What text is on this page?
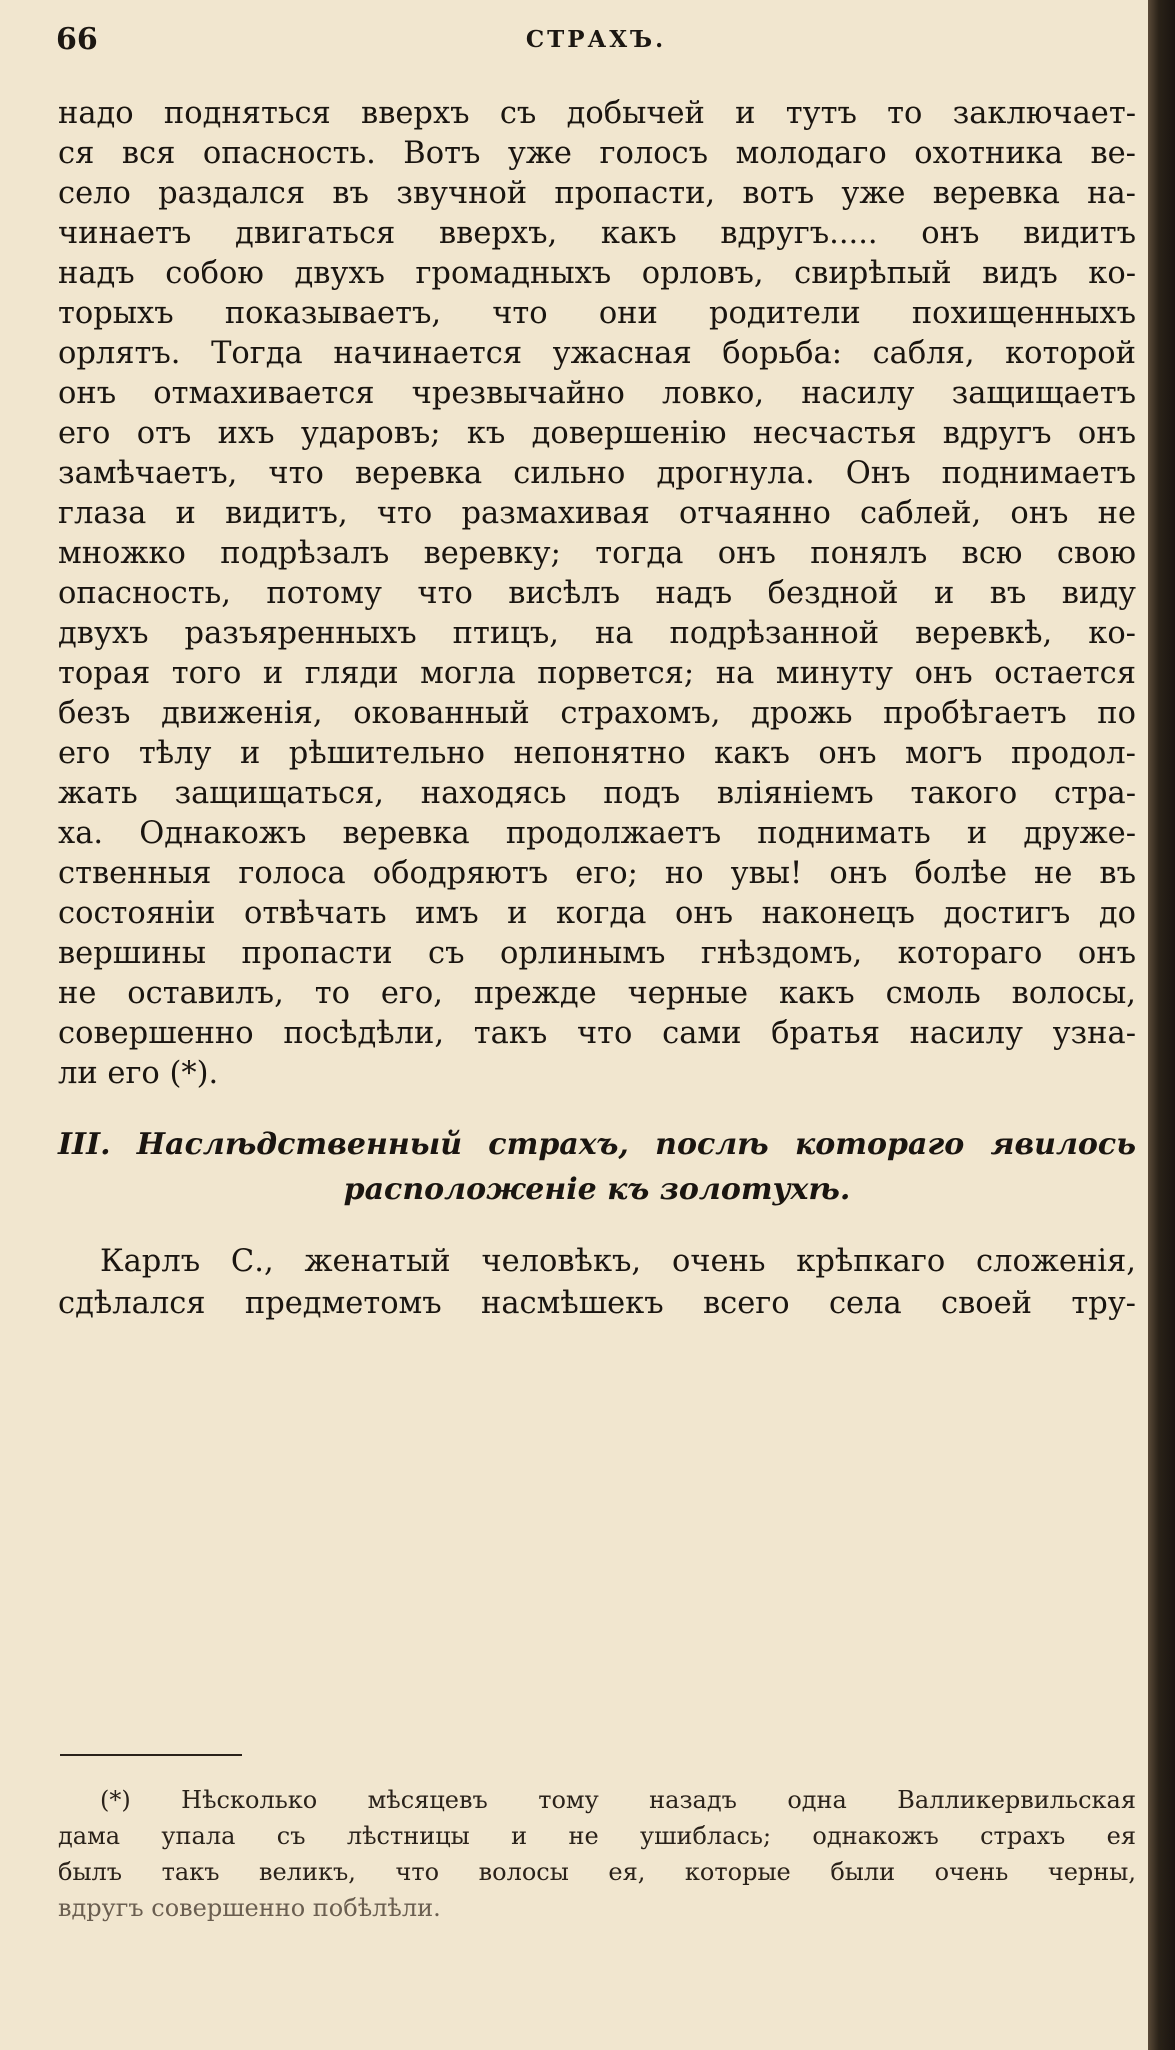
66	СТРАХЪ.
надо подняться вверхъ съ добычей и тутъ то заключает-
ся вся опасность. Вотъ уже голосъ молодаго охотника ве-
село раздался въ звучной пропасти, вотъ уже веревка на-
чинаетъ двигаться вверхъ, какъ вдругъ..... онъ видитъ
надъ собою двухъ громадныхъ орловъ, свирѣпый видъ ко-
торыхъ показываетъ, что они родители похищенныхъ
орлятъ. Тогда начинается ужасная борьба: сабля, которой
онъ отмахивается чрезвычайно ловко, насилу защищаетъ
его отъ ихъ ударовъ; къ довершенію несчастья вдругъ онъ
замѣчаетъ, что веревка сильно дрогнула. Онъ поднимаетъ
глаза и видитъ, что размахивая отчаянно саблей, онъ не
множко подрѣзалъ веревку; тогда онъ понялъ всю свою
опасность, потому что висѣлъ надъ бездной и въ виду
двухъ разъяренныхъ птицъ, на подрѣзанной веревкѣ, ко-
торая того и гляди могла порвется; на минуту онъ остается
безъ движенія, окованный страхомъ, дрожь пробѣгаетъ по
его тѣлу и рѣшительно непонятно какъ онъ могъ продол-
жать защищаться, находясь подъ вліяніемъ такого стра-
ха. Однакожъ веревка продолжаетъ поднимать и друже-
ственныя голоса ободряютъ его; но увы! онъ болѣе не въ
состояніи отвѣчать имъ и когда онъ наконецъ достигъ до
вершины пропасти съ орлинымъ гнѣздомъ, котораго онъ
не оставилъ, то его, прежде черные какъ смоль волосы,
совершенно посѣдѣли, такъ что сами братья насилу узна-
ли его (*).
III. Наслѣдственный страхъ, послѣ котораго явилось
расположеніе къ золотухѣ.
Карлъ С., женатый человѣкъ, очень крѣпкаго сложенія,
сдѣлался предметомъ насмѣшекъ всего села своей тру-
(*) Нѣсколько мѣсяцевъ тому назадъ одна Валликервильская
дама упала съ лѣстницы и не ушиблась; однакожъ страхъ ея
былъ такъ великъ, что волосы ея, которые были очень черны,
вдругъ совершенно побѣлѣли.
